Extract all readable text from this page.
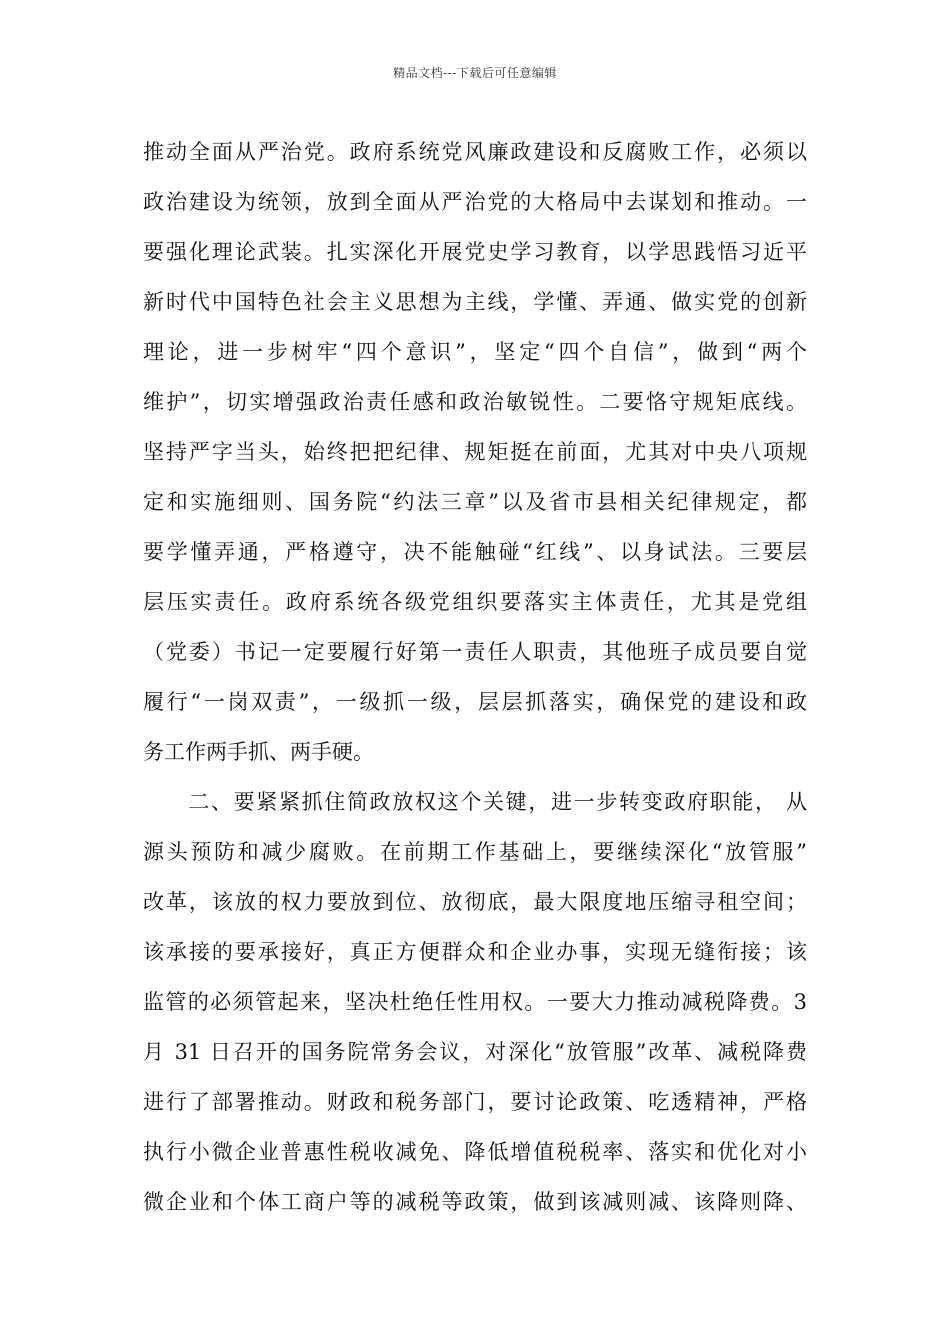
精品文档---下载后可任意编辑
推动全面从严治党。政府系统党风廉政建设和反腐败工作，必须以
政治建设为统领，放到全面从严治党的大格局中去谋划和推动。一
要强化理论武装。扎实深化开展党史学习教育，以学思践悟习近平
新时代中国特色社会主义思想为主线，学懂、弄通、做实党的创新
理论，进一步树牢“四个意识”，坚定“四个自信”，做到“两个
维护”，切实增强政治责任感和政治敏锐性。二要恪守规矩底线。
坚持严字当头，始终把把纪律、规矩挺在前面，尤其对中央八项规
定和实施细则、国务院“约法三章”以及省市县相关纪律规定，都
要学懂弄通，严格遵守，决不能触碰“红线”、以身试法。三要层
层压实责任。政府系统各级党组织要落实主体责任，尤其是党组
（党委）书记一定要履行好第一责任人职责，其他班子成员要自觉
履行“一岗双责”，一级抓一级，层层抓落实，确保党的建设和政
务工作两手抓、两手硬。
　　二、要紧紧抓住简政放权这个关键，进一步转变政府职能， 从
源头预防和减少腐败。在前期工作基础上，要继续深化“放管服”
改革，该放的权力要放到位、放彻底，最大限度地压缩寻租空间；
该承接的要承接好，真正方便群众和企业办事，实现无缝衔接；该
监管的必须管起来，坚决杜绝任性用权。一要大力推动减税降费。3
月 31 日召开的国务院常务会议，对深化“放管服”改革、减税降费
进行了部署推动。财政和税务部门，要讨论政策、吃透精神，严格
执行小微企业普惠性税收减免、降低增值税税率、落实和优化对小
微企业和个体工商户等的减税等政策，做到该减则减、该降则降、
